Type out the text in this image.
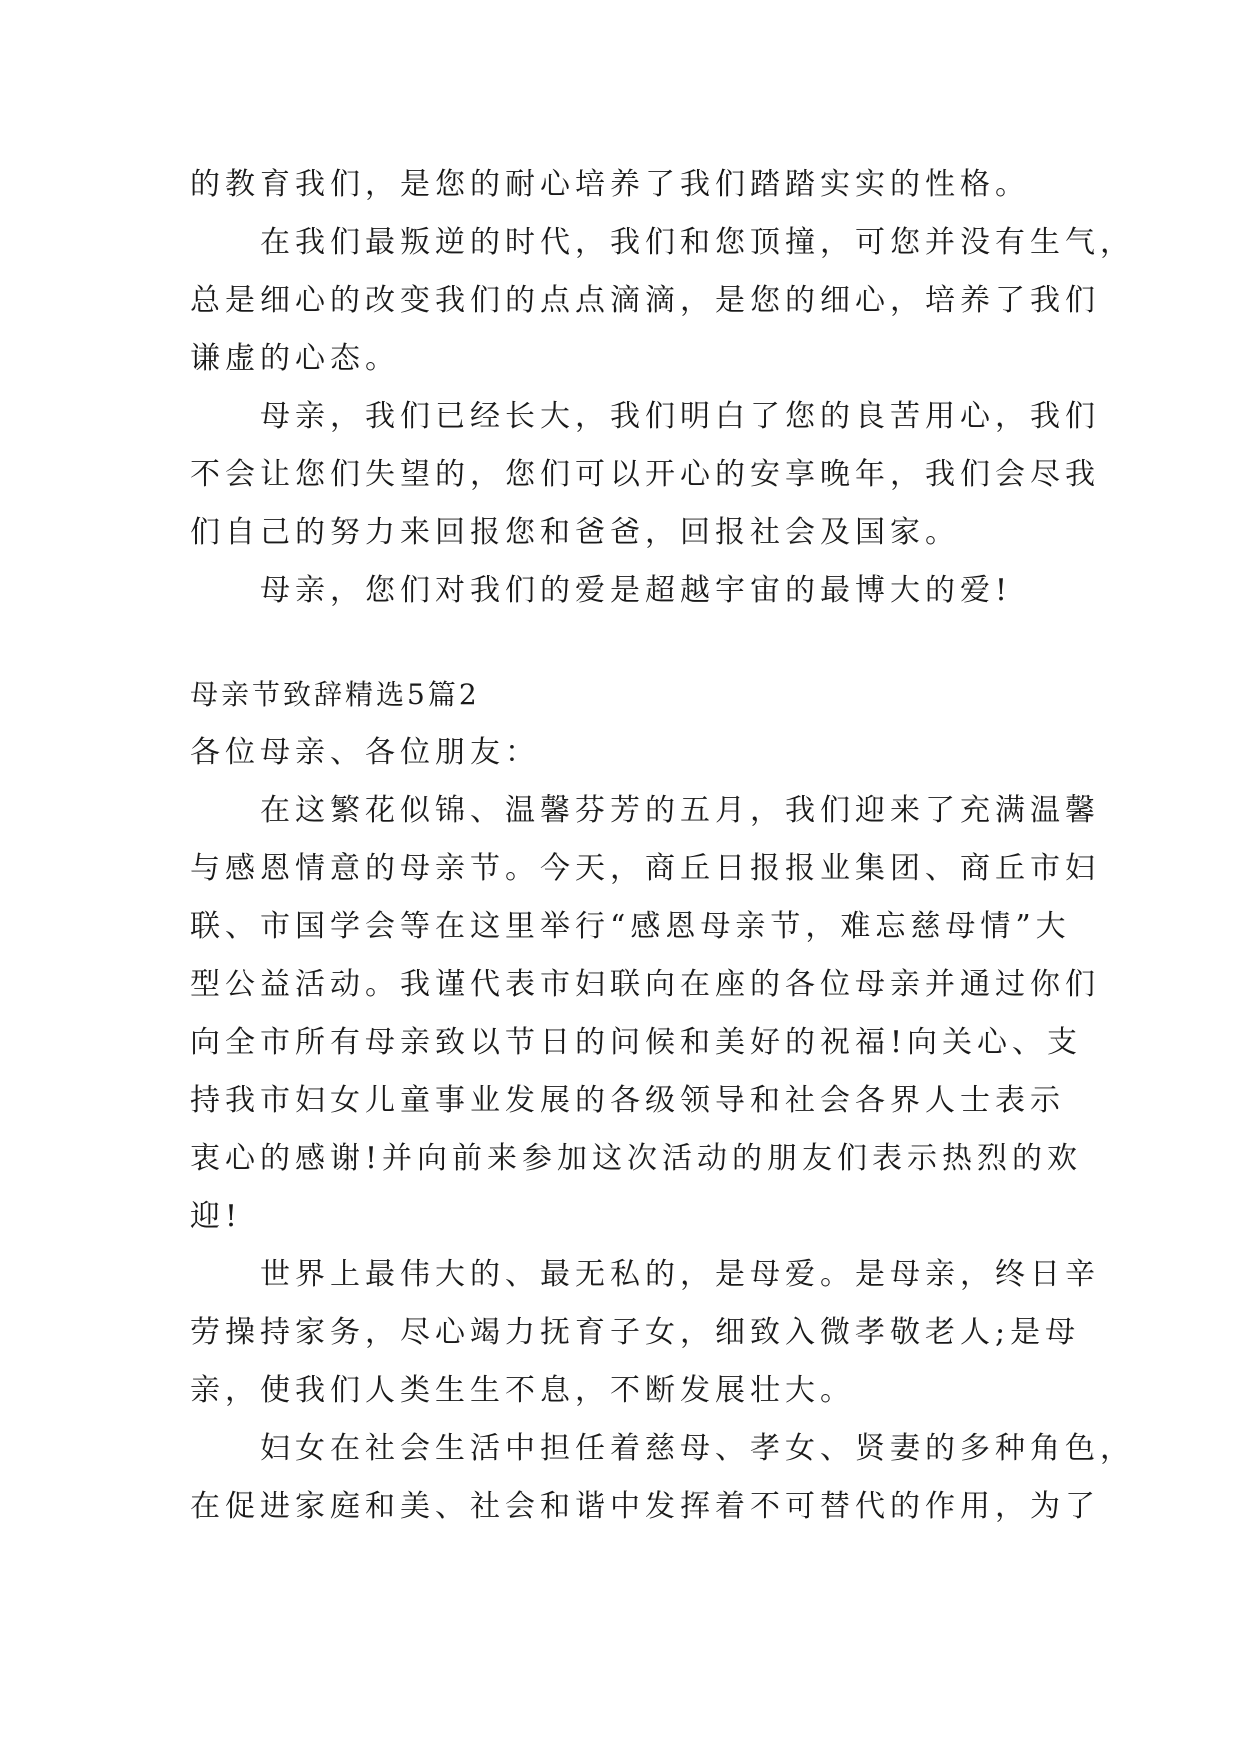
的教育我们，是您的耐心培养了我们踏踏实实的性格。

在我们最叛逆的时代，我们和您顶撞，可您并没有生气，

总是细心的改变我们的点点滴滴，是您的细心，培养了我们

谦虚的心态。

母亲，我们已经长大，我们明白了您的良苦用心，我们

不会让您们失望的，您们可以开心的安享晚年，我们会尽我

们自己的努力来回报您和爸爸，回报社会及国家。

母亲，您们对我们的爱是超越宇宙的最博大的爱!

母亲节致辞精选5篇2
各位母亲、各位朋友：

在这繁花似锦、温馨芬芳的五月，我们迎来了充满温馨

与感恩情意的母亲节。今天，商丘日报报业集团、商丘市妇

联、市国学会等在这里举行“感恩母亲节，难忘慈母情”大

型公益活动。我谨代表市妇联向在座的各位母亲并通过你们

向全市所有母亲致以节日的问候和美好的祝福!向关心、支

持我市妇女儿童事业发展的各级领导和社会各界人士表示

衷心的感谢!并向前来参加这次活动的朋友们表示热烈的欢

迎!

世界上最伟大的、最无私的，是母爱。是母亲，终日辛

劳操持家务，尽心竭力抚育子女，细致入微孝敬老人;是母

亲，使我们人类生生不息，不断发展壮大。

妇女在社会生活中担任着慈母、孝女、贤妻的多种角色，

在促进家庭和美、社会和谐中发挥着不可替代的作用，为了
